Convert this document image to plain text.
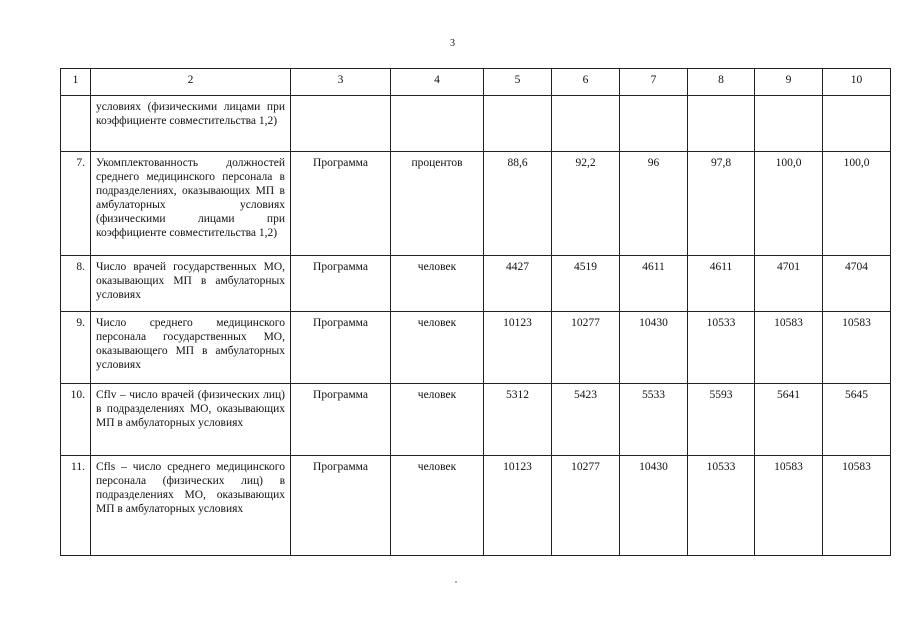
3
1	2	3	4	5	6	7	8	9	10
	условиях (физическими лицами при коэффициенте совместительства 1,2)								
7.	Укомплектованность должностей среднего медицинского персонала в подразделениях, оказывающих МП в амбулаторных условиях (физическими лицами при коэффициенте совместительства 1,2)	Программа	процентов	88,6	92,2	96	97,8	100,0	100,0
8.	Число врачей государственных МО, оказывающих МП в амбулаторных условиях	Программа	человек	4427	4519	4611	4611	4701	4704
9.	Число среднего медицинского персонала государственных МО, оказывающего МП в амбулаторных условиях	Программа	человек	10123	10277	10430	10533	10583	10583
10.	Cflv – число врачей (физических лиц) в подразделениях МО, оказывающих МП в амбулаторных условиях	Программа	человек	5312	5423	5533	5593	5641	5645
11.	Cfls – число среднего медицинского персонала (физических лиц) в подразделениях МО, оказывающих МП в амбулаторных условиях	Программа	человек	10123	10277	10430	10533	10583	10583
